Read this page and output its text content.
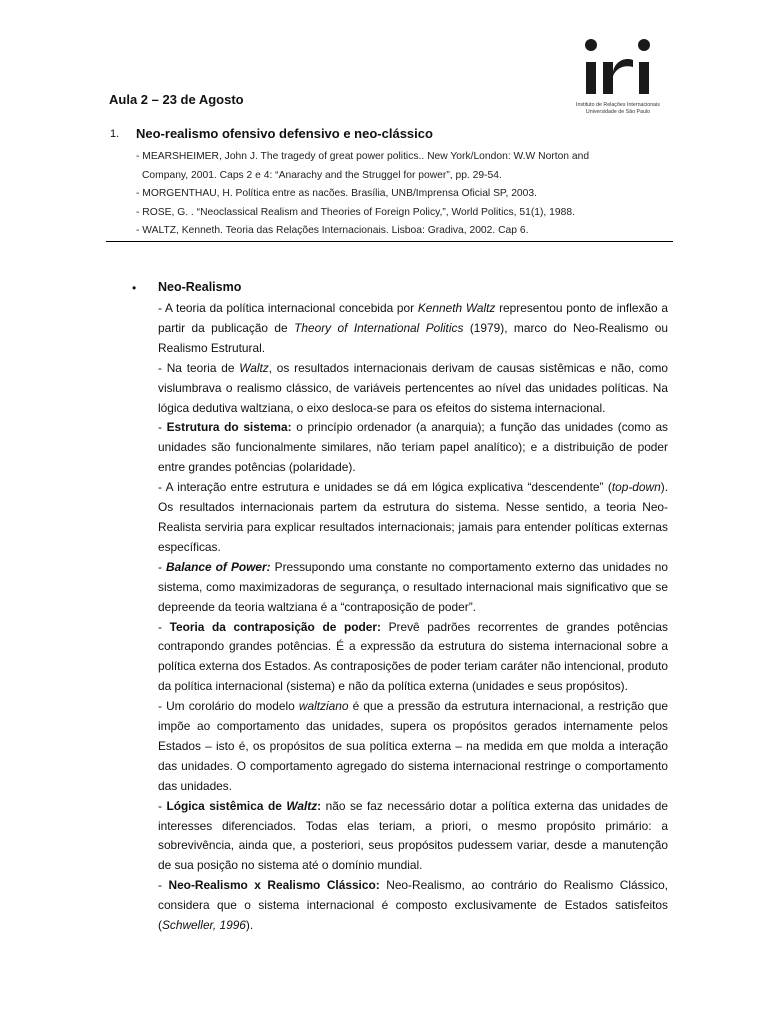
Instituto de Relações Internacionais
Universidade de São Paulo
Aula 2 – 23 de Agosto
1. Neo-realismo ofensivo defensivo e neo-clássico
- MEARSHEIMER, John J. The tragedy of great power politics.. New York/London: W.W Norton and
Company, 2001. Caps 2 e 4: “Anarachy and the Struggel for power”, pp. 29-54.
- MORGENTHAU, H. Política entre as nacões. Brasília, UNB/Imprensa Oficial SP, 2003.
- ROSE, G. . “Neoclassical Realism and Theories of Foreign Policy,”, World Politics, 51(1), 1988.
- WALTZ, Kenneth. Teoria das Relações Internacionais. Lisboa: Gradiva, 2002. Cap 6.
• Neo-Realismo

- A teoria da política internacional concebida por Kenneth Waltz representou ponto de inflexão a partir da publicação de Theory of International Politics (1979), marco do Neo-Realismo ou Realismo Estrutural.

- Na teoria de Waltz, os resultados internacionais derivam de causas sistêmicas e não, como vislumbrava o realismo clássico, de variáveis pertencentes ao nível das unidades políticas. Na lógica dedutiva waltziana, o eixo desloca-se para os efeitos do sistema internacional.

- Estrutura do sistema: o princípio ordenador (a anarquia); a função das unidades (como as unidades são funcionalmente similares, não teriam papel analítico); e a distribuição de poder entre grandes potências (polaridade).

- A interação entre estrutura e unidades se dá em lógica explicativa “descendente” (top-down). Os resultados internacionais partem da estrutura do sistema. Nesse sentido, a teoria Neo-Realista serviria para explicar resultados internacionais; jamais para entender políticas externas específicas.

- Balance of Power: Pressupondo uma constante no comportamento externo das unidades no sistema, como maximizadoras de segurança, o resultado internacional mais significativo que se depreende da teoria waltziana é a “contraposição de poder”.

- Teoria da contraposição de poder: Prevê padrões recorrentes de grandes potências contrapondo grandes potências. É a expressão da estrutura do sistema internacional sobre a política externa dos Estados. As contraposições de poder teriam caráter não intencional, produto da política internacional (sistema) e não da política externa (unidades e seus propósitos).

- Um corolário do modelo waltziano é que a pressão da estrutura internacional, a restrição que impõe ao comportamento das unidades, supera os propósitos gerados internamente pelos Estados – isto é, os propósitos de sua política externa – na medida em que molda a interação das unidades. O comportamento agregado do sistema internacional restringe o comportamento das unidades.

- Lógica sistêmica de Waltz: não se faz necessário dotar a política externa das unidades de interesses diferenciados. Todas elas teriam, a priori, o mesmo propósito primário: a sobrevivência, ainda que, a posteriori, seus propósitos pudessem variar, desde a manutenção de sua posição no sistema até o domínio mundial.

- Neo-Realismo x Realismo Clássico: Neo-Realismo, ao contrário do Realismo Clássico, considera que o sistema internacional é composto exclusivamente de Estados satisfeitos (Schweller, 1996).
